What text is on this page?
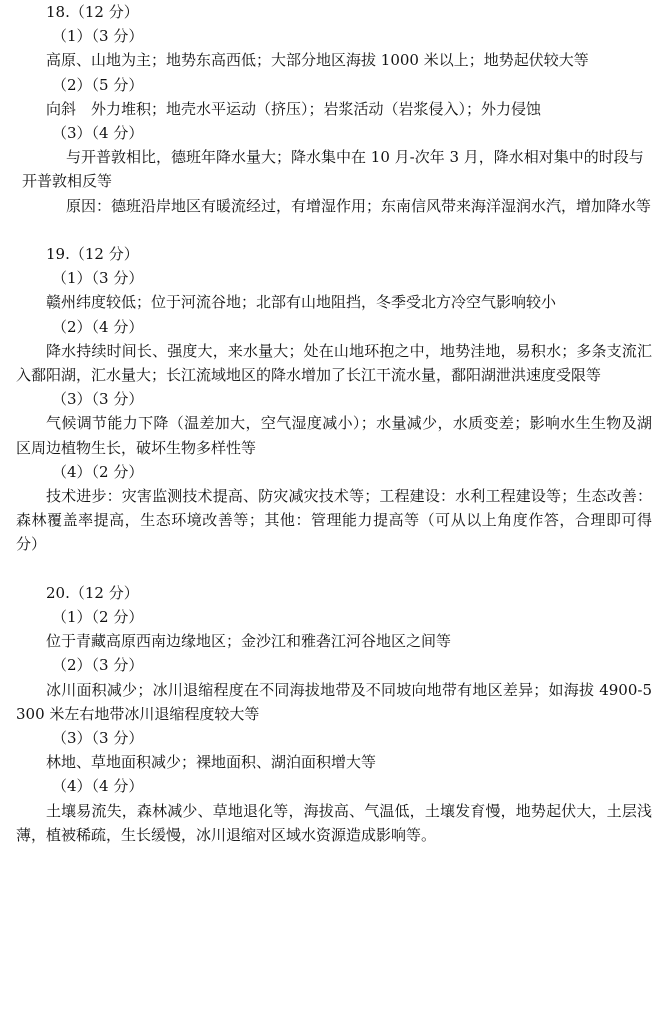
18.（12 分）

（1）（3 分）

高原、山地为主；地势东高西低；大部分地区海拔 1000 米以上；地势起伏较大等

（2）（5 分）

向斜　外力堆积；地壳水平运动（挤压）；岩浆活动（岩浆侵入）；外力侵蚀

（3）（4 分）

与开普敦相比，德班年降水量大；降水集中在 10 月-次年 3 月，降水相对集中的时段与开普敦相反等

原因：德班沿岸地区有暖流经过，有增湿作用；东南信风带来海洋湿润水汽，增加降水等

19.（12 分）

（1）（3 分）

赣州纬度较低；位于河流谷地；北部有山地阻挡，冬季受北方冷空气影响较小

（2）（4 分）

降水持续时间长、强度大，来水量大；处在山地环抱之中，地势洼地，易积水；多条支流汇入鄱阳湖，汇水量大；长江流域地区的降水增加了长江干流水量，鄱阳湖泄洪速度受限等

（3）（3 分）

气候调节能力下降（温差加大，空气湿度减小）；水量减少，水质变差；影响水生生物及湖区周边植物生长，破坏生物多样性等

（4）（2 分）

技术进步：灾害监测技术提高、防灾减灾技术等；工程建设：水利工程建设等；生态改善：森林覆盖率提高，生态环境改善等；其他：管理能力提高等（可从以上角度作答，合理即可得分）

20.（12 分）

（1）（2 分）

位于青藏高原西南边缘地区；金沙江和雅砻江河谷地区之间等

（2）（3 分）

冰川面积减少；冰川退缩程度在不同海拔地带及不同坡向地带有地区差异；如海拔 4900-5300 米左右地带冰川退缩程度较大等

（3）（3 分）

林地、草地面积减少；裸地面积、湖泊面积增大等

（4）（4 分）

土壤易流失，森林减少、草地退化等，海拔高、气温低，土壤发育慢，地势起伏大，土层浅薄，植被稀疏，生长缓慢，冰川退缩对区域水资源造成影响等。
